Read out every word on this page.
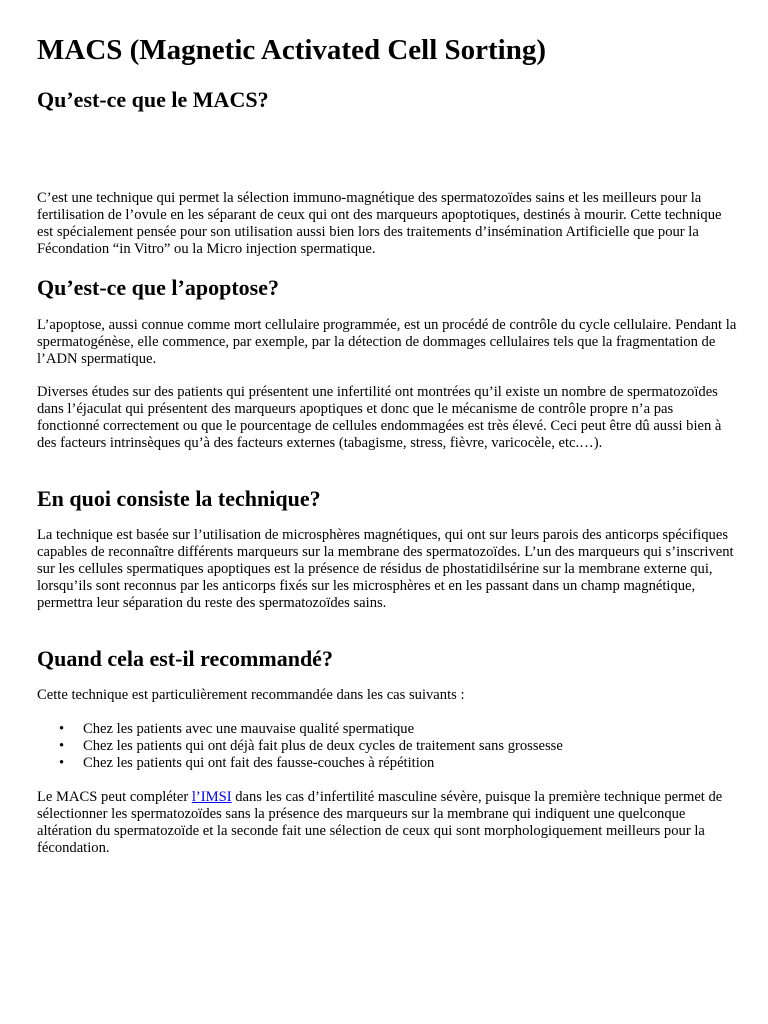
MACS (Magnetic Activated Cell Sorting)
Qu’est-ce que le MACS?

C’est une technique qui permet la sélection immuno-magnétique des spermatozoïdes sains et les meilleurs pour la fertilisation de l’ovule en les séparant de ceux qui ont des marqueurs apoptotiques, destinés à mourir. Cette technique est spécialement pensée pour son utilisation aussi bien lors des traitements d’insémination Artificielle que pour la Fécondation “in Vitro” ou la Micro injection spermatique.

Qu’est-ce que l’apoptose?

L’apoptose, aussi connue comme mort cellulaire programmée, est un procédé de contrôle du cycle cellulaire. Pendant la spermatogénèse, elle commence, par exemple, par la détection de dommages cellulaires tels que la fragmentation de l’ADN spermatique.

Diverses études sur des patients qui présentent une infertilité ont montrées qu’il existe un nombre de spermatozoïdes dans l’éjaculat qui présentent des marqueurs apoptiques et donc que le mécanisme de contrôle propre n’a pas fonctionné correctement ou que le pourcentage de cellules endommagées est très élevé. Ceci peut être dû aussi bien à des facteurs intrinsèques qu’à des facteurs externes (tabagisme, stress, fièvre, varicocèle, etc.…).

En quoi consiste la technique?

La technique est basée sur l’utilisation de microsphères magnétiques, qui ont sur leurs parois des anticorps spécifiques capables de reconnaître différents marqueurs sur la membrane des spermatozoïdes. L’un des marqueurs qui s’inscrivent sur les cellules spermatiques apoptiques est la présence de résidus de phostatidilsérine sur la membrane externe qui, lorsqu’ils sont reconnus par les anticorps fixés sur les microsphères et en les passant dans un champ magnétique, permettra leur séparation du reste des spermatozoïdes sains.

Quand cela est-il recommandé?

Cette technique est particulièrement recommandée dans les cas suivants :

• Chez les patients avec une mauvaise qualité spermatique
• Chez les patients qui ont déjà fait plus de deux cycles de traitement sans grossesse
• Chez les patients qui ont fait des fausse-couches à répétition

Le MACS peut compléter l’IMSI dans les cas d’infertilité masculine sévère, puisque la première technique permet de sélectionner les spermatozoïdes sans la présence des marqueurs sur la membrane qui indiquent une quelconque altération du spermatozoïde et la seconde fait une sélection de ceux qui sont morphologiquement meilleurs pour la fécondation.
